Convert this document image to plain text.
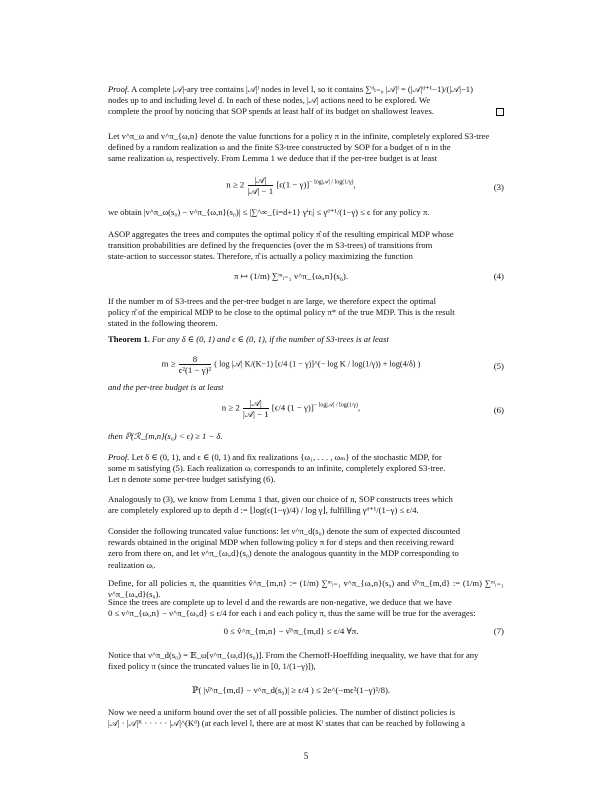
Proof. A complete |𝒜|-ary tree contains |𝒜|ˡ nodes in level l, so it contains ∑ᵈₗ₌₀ |𝒜|ˡ = (|𝒜|ᵈ⁺¹−1)/(|𝒜|−1)
nodes up to and including level d. In each of these nodes, |𝒜| actions need to be explored. We
complete the proof by noticing that SOP spends at least half of its budget on shallowest leaves.
Let v^π_ω and v^π_{ω,n} denote the value functions for a policy π in the infinite, completely explored S3-tree
defined by a random realization ω and the finite S3-tree constructed by SOP for a budget of n in the
same realization ω, respectively. From Lemma 1 we deduce that if the per-tree budget is at least
$n \ge 2 \frac{\text{|𝒜|}}{\text{|𝒜| − 1}} [\epsilon(1 - \gamma)]^{- log|𝒜| / log(1/\gamma)}$,	(3)
we obtain |v^π_ω(s₀) − v^π_{ω,n}(s₀)| ≤ |∑^∞_{i=d+1} γⁱrᵢ| ≤ γᵈ⁺¹/(1−γ) ≤ ϵ for any policy π.
ASOP aggregates the trees and computes the optimal policy π̂ of the resulting empirical MDP whose
transition probabilities are defined by the frequencies (over the m S3-trees) of transitions from
state-action to successor states. Therefore, π̂ is actually a policy maximizing the function
π ↦ (1/m) ∑ᵐᵢ₌₁ v^π_{ωᵢ,n}(s₀).	(4)
If the number m of S3-trees and the per-tree budget n are large, we therefore expect the optimal
policy π̂ of the empirical MDP to be close to the optimal policy π* of the true MDP. This is the result
stated in the following theorem.
Theorem 1. For any δ ∈ (0, 1) and ϵ ∈ (0, 1), if the number of S3-trees is at least
$m \ge \frac{8}{\text{ϵ²(1 − γ)²}}$ ( log |𝒜| K/(K−1) [ϵ/4 (1 − γ)]^(− log K / log(1/γ)) + log(4/δ) )	(5)
and the per-tree budget is at least
$n \ge 2 \frac{\text{|𝒜|}}{\text{|𝒜| − 1}} [\epsilon/4$ (1 − γ)]$^{- log|𝒜| / log(1/\gamma)}$,	(6)
then ℙ(ℛ_{m,n}(s₀) < ϵ) ≥ 1 − δ.
Proof. Let δ ∈ (0, 1), and ϵ ∈ (0, 1) and fix realizations {ω₁, . . . , ωₘ} of the stochastic MDP, for
some m satisfying (5). Each realization ωᵢ corresponds to an infinite, completely explored S3-tree.
Let n denote some per-tree budget satisfying (6).
Analogously to (3), we know from Lemma 1 that, given our choice of n, SOP constructs trees which
are completely explored up to depth d := ⌊log(ϵ(1−γ)/4) / log γ⌋, fulfilling γᵈ⁺¹/(1−γ) ≤ ϵ/4.
Consider the following truncated value functions: let ν^π_d(s₀) denote the sum of expected discounted
rewards obtained in the original MDP when following policy π for d steps and then receiving reward
zero from there on, and let ν^π_{ωᵢ,d}(s₀) denote the analogous quantity in the MDP corresponding to
realization ωᵢ.
Define, for all policies π, the quantities v̂^π_{m,n} := (1/m) ∑ᵐᵢ₌₁ v^π_{ωᵢ,n}(s₀) and ν̂^π_{m,d} := (1/m) ∑ᵐᵢ₌₁ ν^π_{ωᵢ,d}(s₀).
Since the trees are complete up to level d and the rewards are non-negative, we deduce that we have
0 ≤ v^π_{ωᵢ,n} − ν^π_{ωᵢ,d} ≤ ϵ/4 for each i and each policy π, thus the same will be true for the averages:
0 ≤ v̂^π_{m,n} − ν̂^π_{m,d} ≤ ϵ/4 ∀π.	(7)
Notice that ν^π_d(s₀) = 𝔼_ω[ν^π_{ω,d}(s₀)]. From the Chernoff-Hoeffding inequality, we have that for any
fixed policy π (since the truncated values lie in [0, 1/(1−γ)]),
ℙ( |ν̂^π_{m,d} − ν^π_d(s₀)| ≥ ϵ/4 ) ≤ 2e^(−mϵ²(1−γ)²/8).
Now we need a uniform bound over the set of all possible policies. The number of distinct policies is
|𝒜| · |𝒜|ᴷ · · · · · |𝒜|^(Kᵈ) (at each level l, there are at most Kˡ states that can be reached by following a
5
